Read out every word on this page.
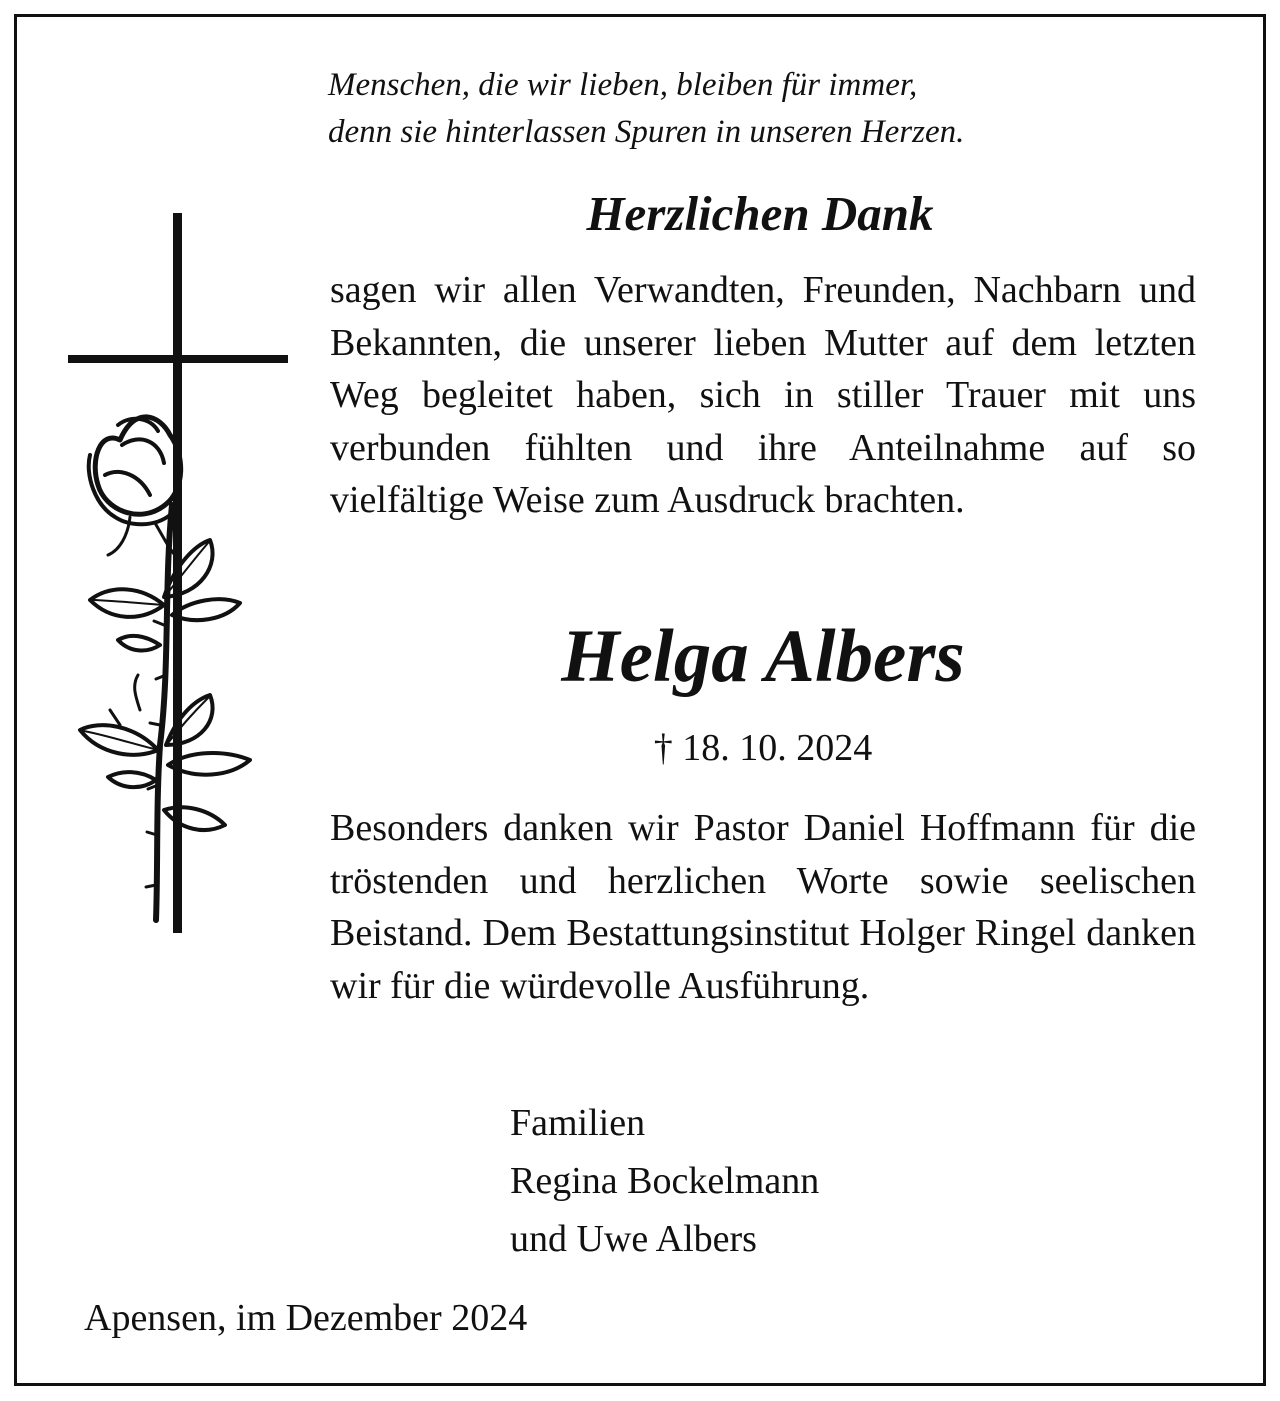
Menschen, die wir lieben, bleiben für immer,
denn sie hinterlassen Spuren in unseren Herzen.
Herzlichen Dank
sagen wir allen Verwandten, Freunden, Nachbarn und Bekannten, die unserer lieben Mutter auf dem letzten Weg begleitet haben, sich in stiller Trauer mit uns verbunden fühlten und ihre Anteilnahme auf so vielfältige Weise zum Ausdruck brachten.
Helga Albers
† 18. 10. 2024
Besonders danken wir Pastor Daniel Hoffmann für die tröstenden und herzlichen Worte sowie seelischen Beistand. Dem Bestattungsinstitut Holger Ringel danken wir für die würdevolle Ausführung.
Familien
Regina Bockelmann
und Uwe Albers
Apensen, im Dezember 2024
